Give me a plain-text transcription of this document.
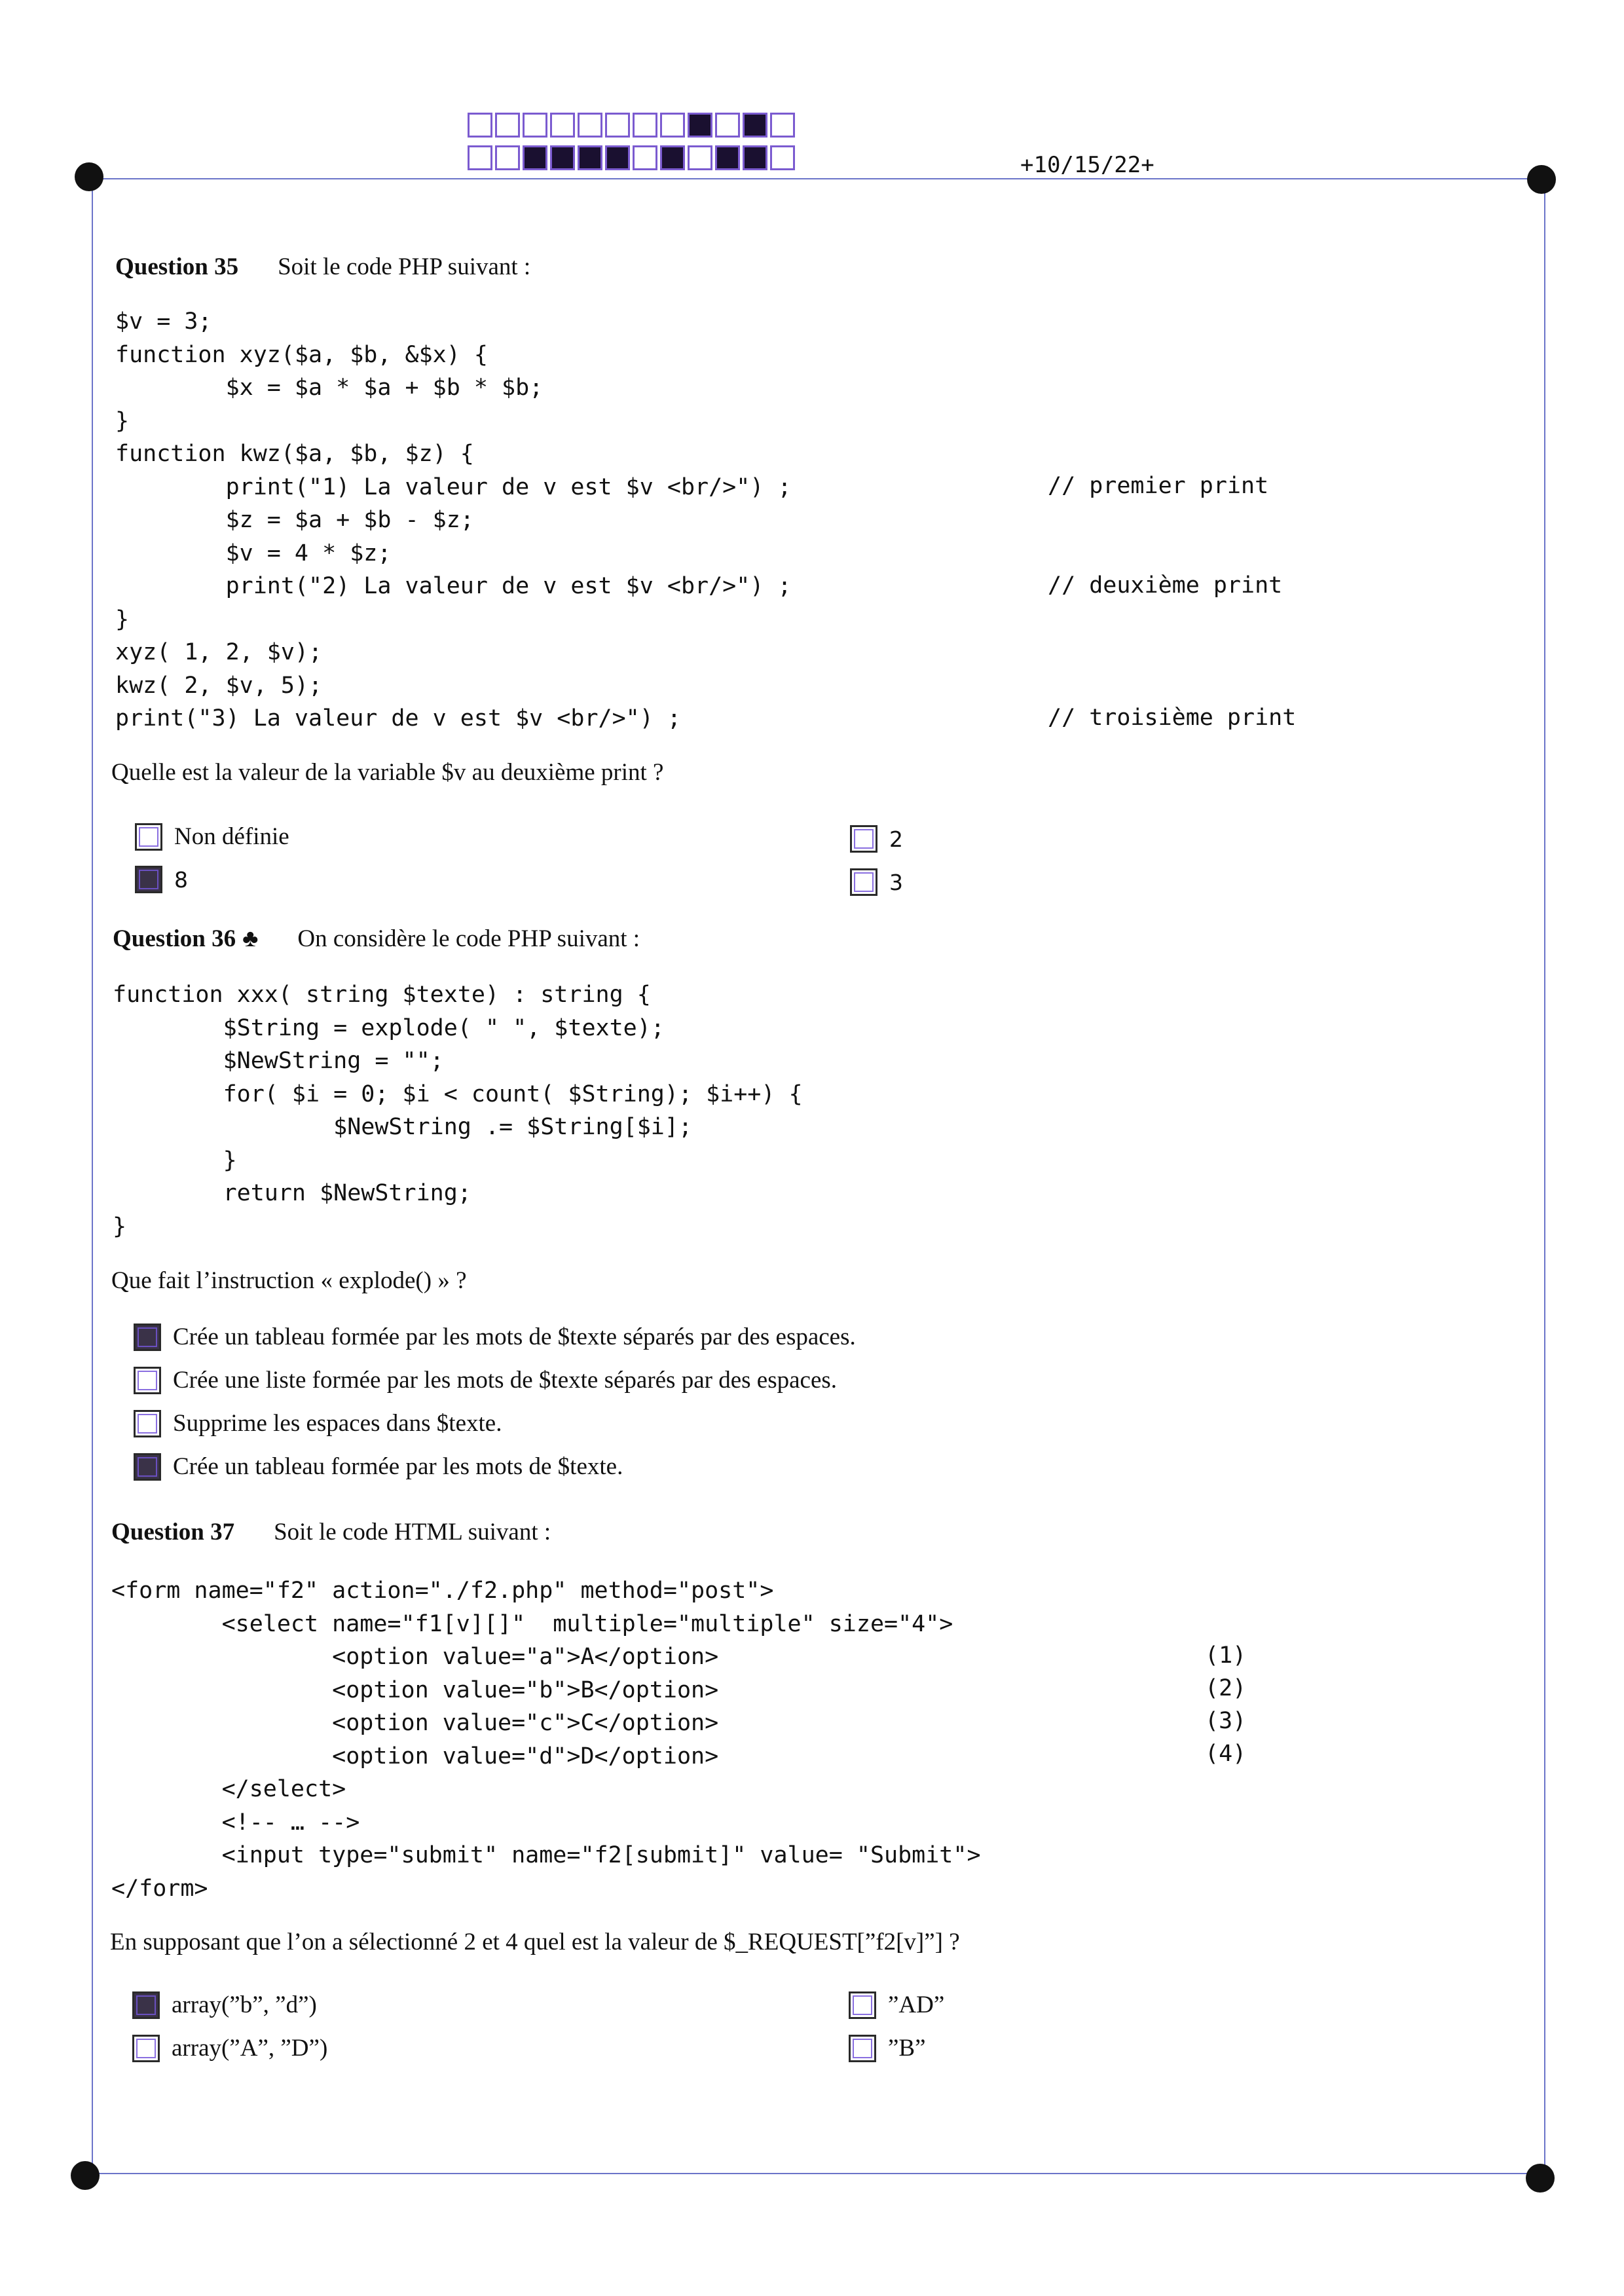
+10/15/22+
Question 35 Soit le code PHP suivant :
$v = 3;
function xyz($a, $b, &$x) {
$x = $a * $a + $b * $b;
}
function kwz($a, $b, $z) {
print("1) La valeur de v est $v <br/>") ;
$z = $a + $b - $z;
$v = 4 * $z;
print("2) La valeur de v est $v <br/>") ;
}
xyz( 1, 2, $v);
kwz( 2, $v, 5);
print("3) La valeur de v est $v <br/>") ;
// premier print
// deuxième print
// troisième print
Quelle est la valeur de la variable $v au deuxième print ?
Non définie
8
2
3
Question 36 ♣ On considère le code PHP suivant :
function xxx( string $texte) : string {
$String = explode( " ", $texte);
$NewString = "";
for( $i = 0; $i < count( $String); $i++) {
$NewString .= $String[$i];
}
return $NewString;
}
Que fait l’instruction « explode() » ?
Crée un tableau formée par les mots de $texte séparés par des espaces.
Crée une liste formée par les mots de $texte séparés par des espaces.
Supprime les espaces dans $texte.
Crée un tableau formée par les mots de $texte.
Question 37 Soit le code HTML suivant :
<form name="f2" action="./f2.php" method="post">
<select name="f1[v][]"  multiple="multiple" size="4">
<option value="a">A</option>
<option value="b">B</option>
<option value="c">C</option>
<option value="d">D</option>
</select>
<!-- … -->
<input type="submit" name="f2[submit]" value= "Submit">
</form>
(1)
(2)
(3)
(4)
En supposant que l’on a sélectionné 2 et 4 quel est la valeur de $_REQUEST[”f2[v]”] ?
array(”b”, ”d”)
array(”A”, ”D”)
”AD”
”B”
